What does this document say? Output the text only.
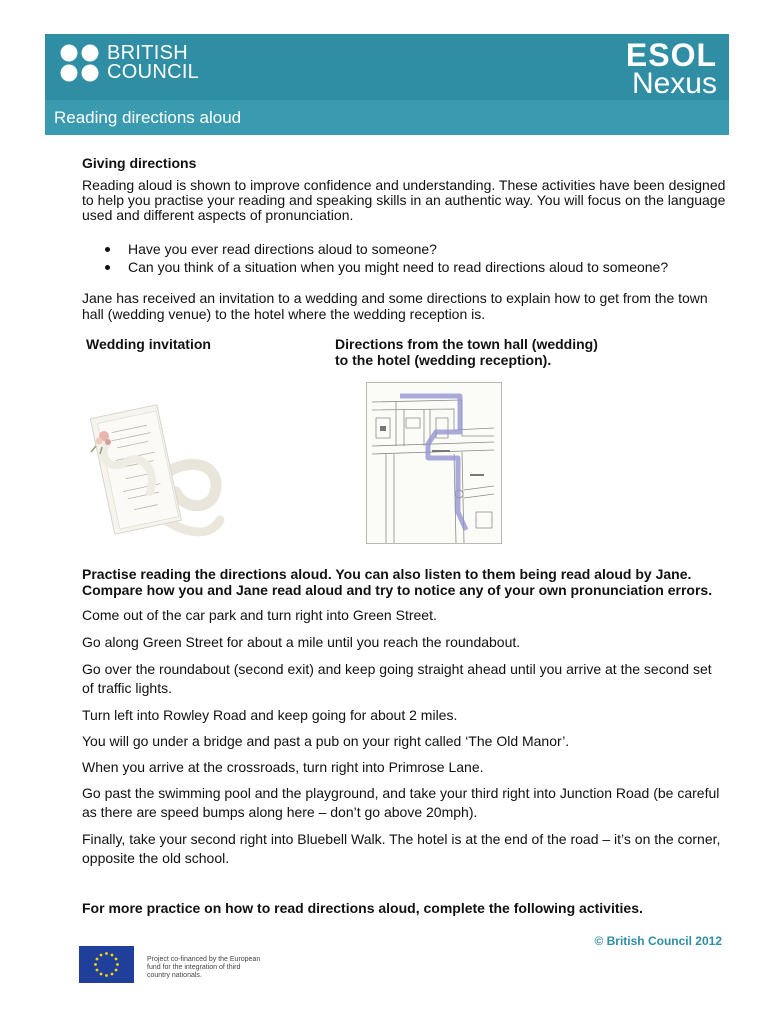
BRITISH
COUNCIL	ESOL
Nexus
Reading directions aloud
Giving directions
Reading aloud is shown to improve confidence and understanding. These activities have been designed to help you practise your reading and speaking skills in an authentic way. You will focus on the language used and different aspects of pronunciation.
Have you ever read directions aloud to someone?
Can you think of a situation when you might need to read directions aloud to someone?
Jane has received an invitation to a wedding and some directions to explain how to get from the town hall (wedding venue) to the hotel where the wedding reception is.
Wedding invitation	Directions from the town hall (wedding)
to the hotel (wedding reception).
Practise reading the directions aloud. You can also listen to them being read aloud by Jane.
Compare how you and Jane read aloud and try to notice any of your own pronunciation errors.
Come out of the car park and turn right into Green Street.
Go along Green Street for about a mile until you reach the roundabout.
Go over the roundabout (second exit) and keep going straight ahead until you arrive at the second set of traffic lights.
Turn left into Rowley Road and keep going for about 2 miles.
You will go under a bridge and past a pub on your right called ‘The Old Manor’.
When you arrive at the crossroads, turn right into Primrose Lane.
Go past the swimming pool and the playground, and take your third right into Junction Road (be careful as there are speed bumps along here – don’t go above 20mph).
Finally, take your second right into Bluebell Walk. The hotel is at the end of the road – it’s on the corner, opposite the old school.
For more practice on how to read directions aloud, complete the following activities.
© British Council 2012
Project co-financed by the European
fund for the integration of third
country nationals.
